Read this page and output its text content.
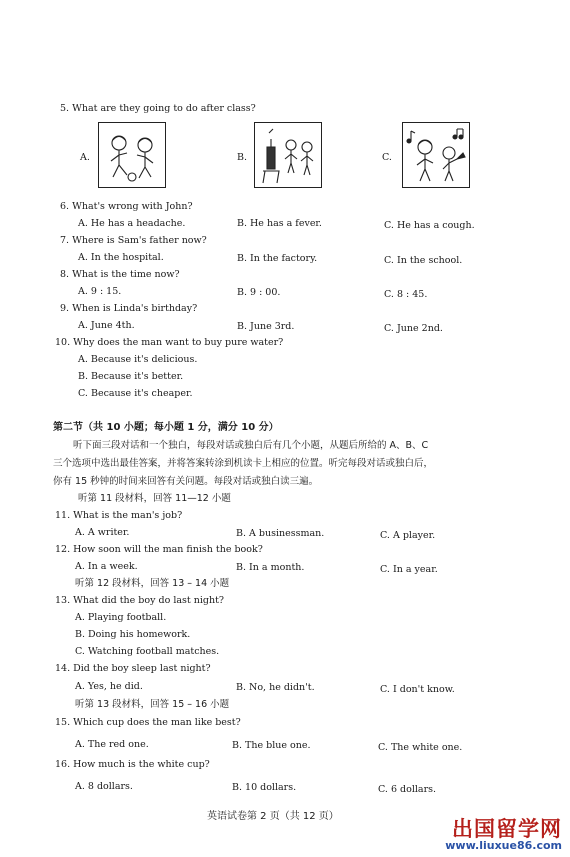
5. What are they going to do after class?
A.	B.	C.
6. What's wrong with John?
A. He has a headache.	B. He has a fever.	C. He has a cough.
7. Where is Sam's father now?
A. In the hospital.	B. In the factory.	C. In the school.
8. What is the time now?
A. 9 : 15.	B. 9 : 00.	C. 8 : 45.
9. When is Linda's birthday?
A. June 4th.	B. June 3rd.	C. June 2nd.
10. Why does the man want to buy pure water?
A. Because it's delicious.
B. Because it's better.
C. Because it's cheaper.
第二节（共 10 小题；每小题 1 分，满分 10 分）
听下面三段对话和一个独白，每段对话或独白后有几个小题，从题后所给的 A、B、C
三个选项中选出最佳答案，并将答案转涂到机读卡上相应的位置。听完每段对话或独白后，
你有 15 秒钟的时间来回答有关问题。每段对话或独白读三遍。
听第 11 段材料，回答 11—12 小题
11. What is the man's job?
A. A writer.	B. A businessman.	C. A player.
12. How soon will the man finish the book?
A. In a week.	B. In a month.	C. In a year.
听第 12 段材料，回答 13 – 14 小题
13. What did the boy do last night?
A. Playing football.
B. Doing his homework.
C. Watching football matches.
14. Did the boy sleep last night?
A. Yes, he did.	B. No, he didn't.	C. I don't know.
听第 13 段材料，回答 15 – 16 小题
15. Which cup does the man like best?
A. The red one.	B. The blue one.	C. The white one.
16. How much is the white cup?
A. 8 dollars.	B. 10 dollars.	C. 6 dollars.
英语试卷第 2 页（共 12 页）
出国留学网
www.liuxue86.com
